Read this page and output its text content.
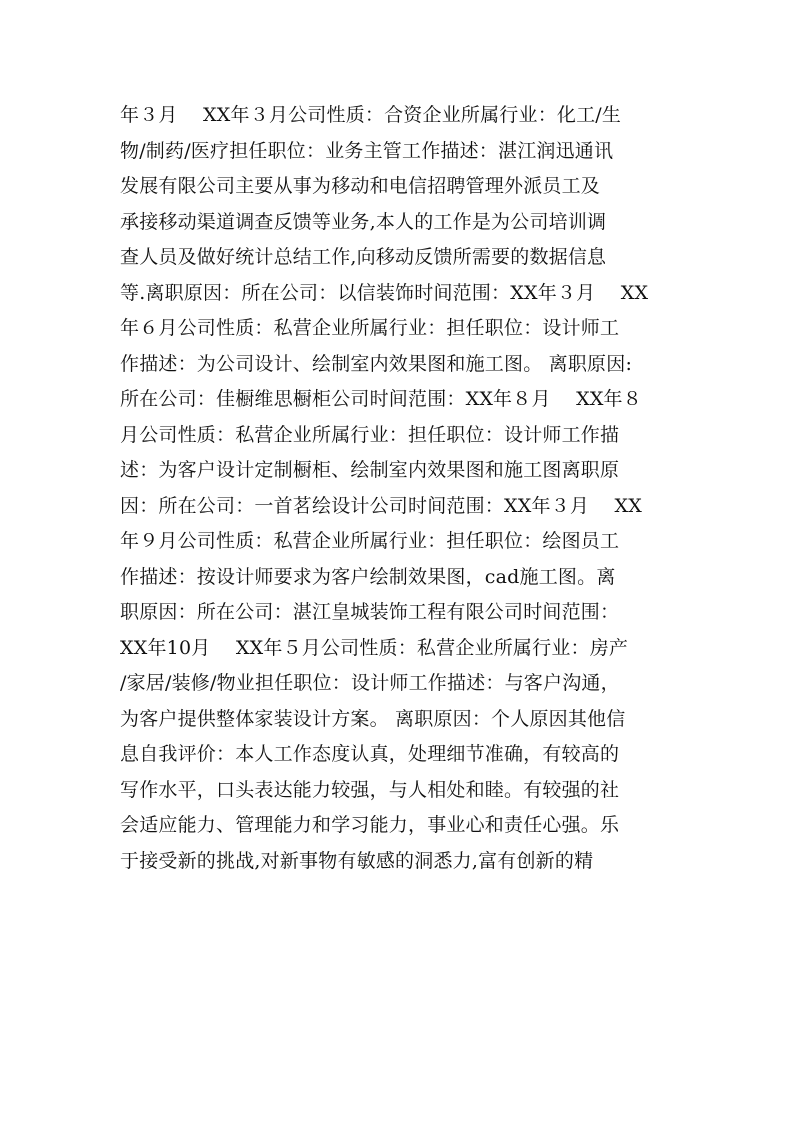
年３月　 XX年３月公司性质：合资企业所属行业：化工/生
物/制药/医疗担任职位：业务主管工作描述：湛江润迅通讯
发展有限公司主要从事为移动和电信招聘管理外派员工及
承接移动渠道调查反馈等业务,本人的工作是为公司培训调
查人员及做好统计总结工作,向移动反馈所需要的数据信息
等.离职原因：所在公司：以信装饰时间范围：XX年３月　 XX
年６月公司性质：私营企业所属行业：担任职位：设计师工
作描述：为公司设计、绘制室内效果图和施工图。 离职原因:
所在公司：佳橱维思橱柜公司时间范围：XX年８月　 XX年８
月公司性质：私营企业所属行业：担任职位：设计师工作描
述：为客户设计定制橱柜、绘制室内效果图和施工图离职原
因：所在公司：一首茗绘设计公司时间范围：XX年３月　 XX
年９月公司性质：私营企业所属行业：担任职位：绘图员工
作描述：按设计师要求为客户绘制效果图，cad施工图。离
职原因：所在公司：湛江皇城装饰工程有限公司时间范围：
XX年10月　 XX年５月公司性质：私营企业所属行业：房产
/家居/装修/物业担任职位：设计师工作描述：与客户沟通，
为客户提供整体家装设计方案。 离职原因：个人原因其他信
息自我评价：本人工作态度认真，处理细节准确，有较高的
写作水平，口头表达能力较强，与人相处和睦。有较强的社
会适应能力、管理能力和学习能力，事业心和责任心强。乐
于接受新的挑战,对新事物有敏感的洞悉力,富有创新的精
